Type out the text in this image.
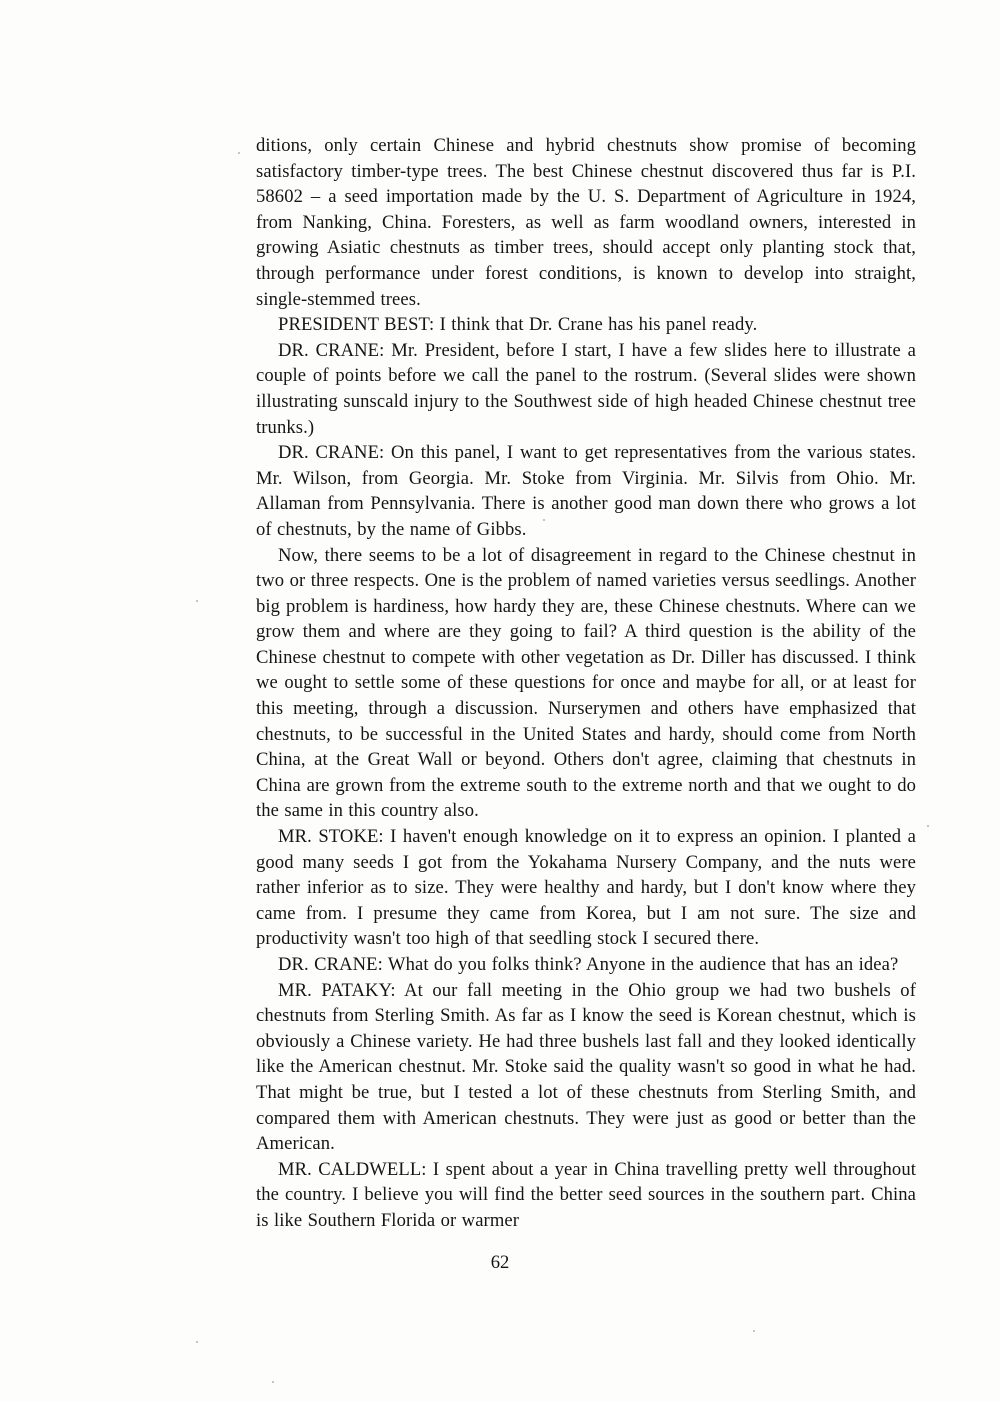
ditions, only certain Chinese and hybrid chestnuts show promise of becoming satisfactory timber-type trees. The best Chinese chestnut discovered thus far is P.I. 58602 – a seed importation made by the U. S. Department of Agriculture in 1924, from Nanking, China. Foresters, as well as farm woodland owners, interested in growing Asiatic chestnuts as timber trees, should accept only planting stock that, through performance under forest conditions, is known to develop into straight, single-stemmed trees.

PRESIDENT BEST: I think that Dr. Crane has his panel ready.

DR. CRANE: Mr. President, before I start, I have a few slides here to illustrate a couple of points before we call the panel to the rostrum. (Several slides were shown illustrating sunscald injury to the Southwest side of high headed Chinese chestnut tree trunks.)

DR. CRANE: On this panel, I want to get representatives from the various states. Mr. Wilson, from Georgia. Mr. Stoke from Virginia. Mr. Silvis from Ohio. Mr. Allaman from Pennsylvania. There is another good man down there who grows a lot of chestnuts, by the name of Gibbs.

Now, there seems to be a lot of disagreement in regard to the Chinese chestnut in two or three respects. One is the problem of named varieties versus seedlings. Another big problem is hardiness, how hardy they are, these Chinese chestnuts. Where can we grow them and where are they going to fail? A third question is the ability of the Chinese chestnut to compete with other vegetation as Dr. Diller has discussed. I think we ought to settle some of these questions for once and maybe for all, or at least for this meeting, through a discussion. Nurserymen and others have emphasized that chestnuts, to be successful in the United States and hardy, should come from North China, at the Great Wall or beyond. Others don't agree, claiming that chestnuts in China are grown from the extreme south to the extreme north and that we ought to do the same in this country also.

MR. STOKE: I haven't enough knowledge on it to express an opinion. I planted a good many seeds I got from the Yokahama Nursery Company, and the nuts were rather inferior as to size. They were healthy and hardy, but I don't know where they came from. I presume they came from Korea, but I am not sure. The size and productivity wasn't too high of that seedling stock I secured there.

DR. CRANE: What do you folks think? Anyone in the audience that has an idea?

MR. PATAKY: At our fall meeting in the Ohio group we had two bushels of chestnuts from Sterling Smith. As far as I know the seed is Korean chestnut, which is obviously a Chinese variety. He had three bushels last fall and they looked identically like the American chestnut. Mr. Stoke said the quality wasn't so good in what he had. That might be true, but I tested a lot of these chestnuts from Sterling Smith, and compared them with American chestnuts. They were just as good or better than the American.

MR. CALDWELL: I spent about a year in China travelling pretty well throughout the country. I believe you will find the better seed sources in the southern part. China is like Southern Florida or warmer

62
